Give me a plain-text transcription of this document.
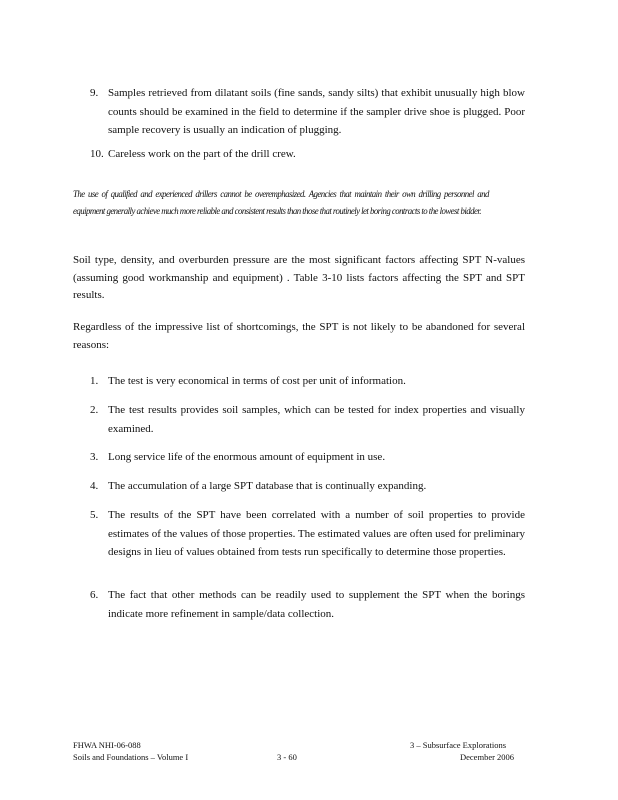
9. Samples retrieved from dilatant soils (fine sands, sandy silts) that exhibit unusually high blow counts should be examined in the field to determine if the sampler drive shoe is plugged. Poor sample recovery is usually an indication of plugging.
10. Careless work on the part of the drill crew.
The use of qualified and experienced drillers cannot be overemphasized. Agencies that maintain their own drilling personnel and equipment generally achieve much more reliable and consistent results than those that routinely let boring contracts to the lowest bidder.
Soil type, density, and overburden pressure are the most significant factors affecting SPT N-values (assuming good workmanship and equipment) . Table 3-10 lists factors affecting the SPT and SPT results.
Regardless of the impressive list of shortcomings, the SPT is not likely to be abandoned for several reasons:
1. The test is very economical in terms of cost per unit of information.
2. The test results provides soil samples, which can be tested for index properties and visually examined.
3. Long service life of the enormous amount of equipment in use.
4. The accumulation of a large SPT database that is continually expanding.
5. The results of the SPT have been correlated with a number of soil properties to provide estimates of the values of those properties. The estimated values are often used for preliminary designs in lieu of values obtained from tests run specifically to determine those properties.
6. The fact that other methods can be readily used to supplement the SPT when the borings indicate more refinement in sample/data collection.
FHWA NHI-06-088
Soils and Foundations – Volume I	3 - 60
3 – Subsurface Explorations
December 2006
